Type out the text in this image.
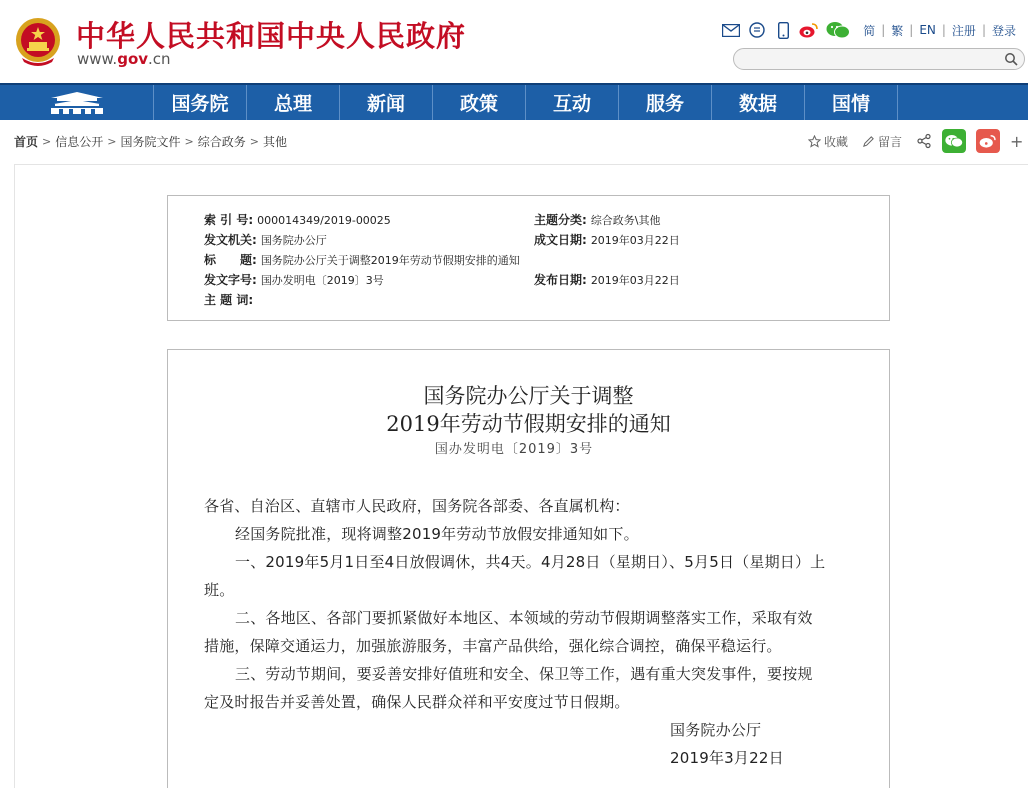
中华人民共和国中央人民政府
www.gov.cn
简 | 繁 | EN | 注册 | 登录
国务院	总理	新闻	政策	互动	服务	数据	国情
首页 > 信息公开 > 国务院文件 > 综合政务 > 其他	收藏	留言	+
索 引 号: 000014349/2019-00025	主题分类: 综合政务\其他
发文机关: 国务院办公厅	成文日期: 2019年03月22日
标　　题: 国务院办公厅关于调整2019年劳动节假期安排的通知
发文字号: 国办发明电〔2019〕3号	发布日期: 2019年03月22日
主 题 词:
国务院办公厅关于调整
2019年劳动节假期安排的通知
国办发明电〔2019〕3号
各省、自治区、直辖市人民政府，国务院各部委、各直属机构：
经国务院批准，现将调整2019年劳动节放假安排通知如下。
一、2019年5月1日至4日放假调休，共4天。4月28日（星期日）、5月5日（星期日）上
班。
二、各地区、各部门要抓紧做好本地区、本领域的劳动节假期调整落实工作，采取有效
措施，保障交通运力，加强旅游服务，丰富产品供给，强化综合调控，确保平稳运行。
三、劳动节期间，要妥善安排好值班和安全、保卫等工作，遇有重大突发事件，要按规
定及时报告并妥善处置，确保人民群众祥和平安度过节日假期。
国务院办公厅
2019年3月22日
